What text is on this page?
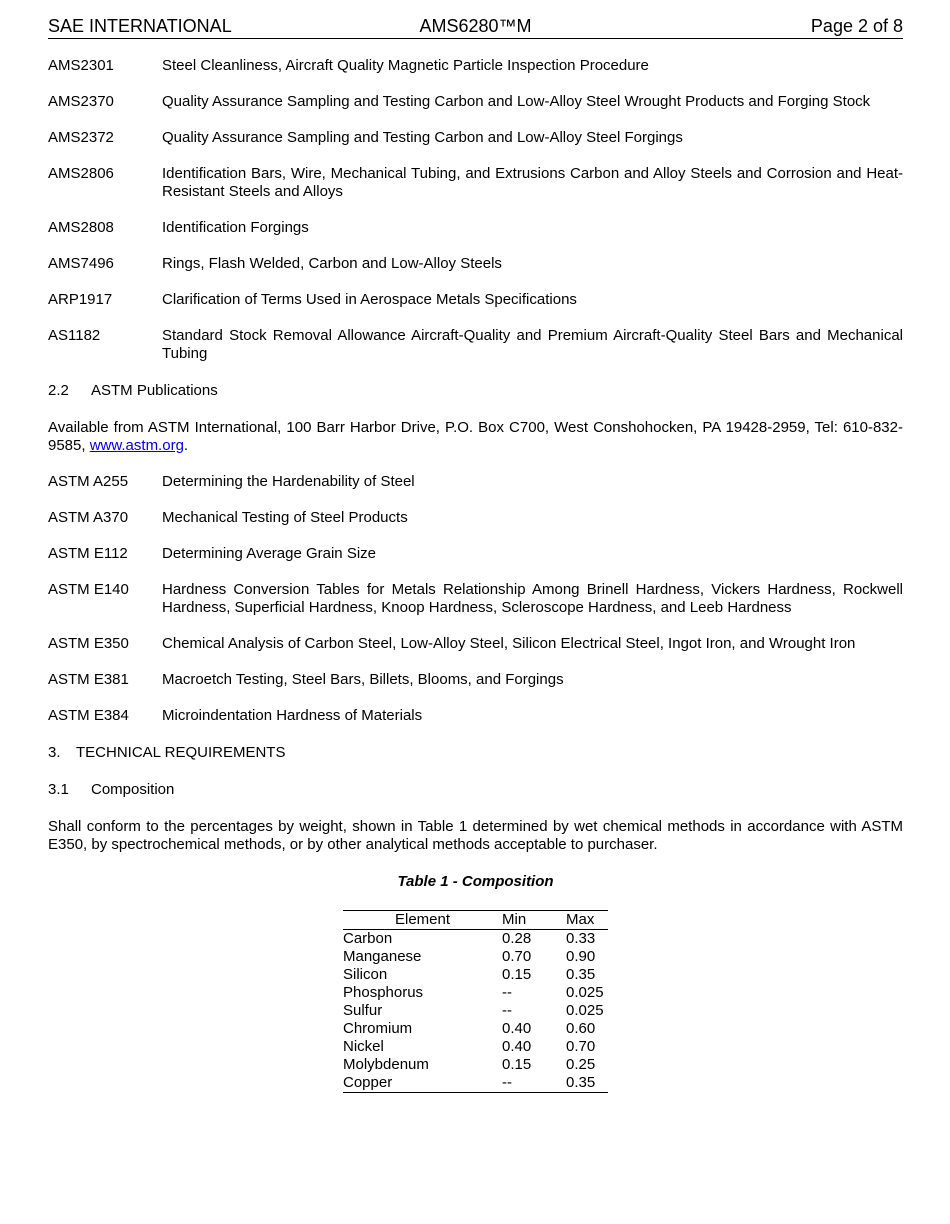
SAE INTERNATIONAL	AMS6280™M	Page 2 of 8
AMS2301	Steel Cleanliness, Aircraft Quality Magnetic Particle Inspection Procedure
AMS2370	Quality Assurance Sampling and Testing Carbon and Low-Alloy Steel Wrought Products and Forging Stock
AMS2372	Quality Assurance Sampling and Testing Carbon and Low-Alloy Steel Forgings
AMS2806	Identification Bars, Wire, Mechanical Tubing, and Extrusions Carbon and Alloy Steels and Corrosion and Heat-Resistant Steels and Alloys
AMS2808	Identification Forgings
AMS7496	Rings, Flash Welded, Carbon and Low-Alloy Steels
ARP1917	Clarification of Terms Used in Aerospace Metals Specifications
AS1182	Standard Stock Removal Allowance Aircraft-Quality and Premium Aircraft-Quality Steel Bars and Mechanical Tubing
2.2 ASTM Publications
Available from ASTM International, 100 Barr Harbor Drive, P.O. Box C700, West Conshohocken, PA 19428-2959, Tel: 610-832-9585, www.astm.org.
ASTM A255	Determining the Hardenability of Steel
ASTM A370	Mechanical Testing of Steel Products
ASTM E112	Determining Average Grain Size
ASTM E140	Hardness Conversion Tables for Metals Relationship Among Brinell Hardness, Vickers Hardness, Rockwell Hardness, Superficial Hardness, Knoop Hardness, Scleroscope Hardness, and Leeb Hardness
ASTM E350	Chemical Analysis of Carbon Steel, Low-Alloy Steel, Silicon Electrical Steel, Ingot Iron, and Wrought Iron
ASTM E381	Macroetch Testing, Steel Bars, Billets, Blooms, and Forgings
ASTM E384	Microindentation Hardness of Materials
3. TECHNICAL REQUIREMENTS
3.1 Composition
Shall conform to the percentages by weight, shown in Table 1 determined by wet chemical methods in accordance with ASTM E350, by spectrochemical methods, or by other analytical methods acceptable to purchaser.
Table 1 - Composition
Element	Min	Max
Carbon	0.28	0.33
Manganese	0.70	0.90
Silicon	0.15	0.35
Phosphorus	--	0.025
Sulfur	--	0.025
Chromium	0.40	0.60
Nickel	0.40	0.70
Molybdenum	0.15	0.25
Copper	--	0.35
